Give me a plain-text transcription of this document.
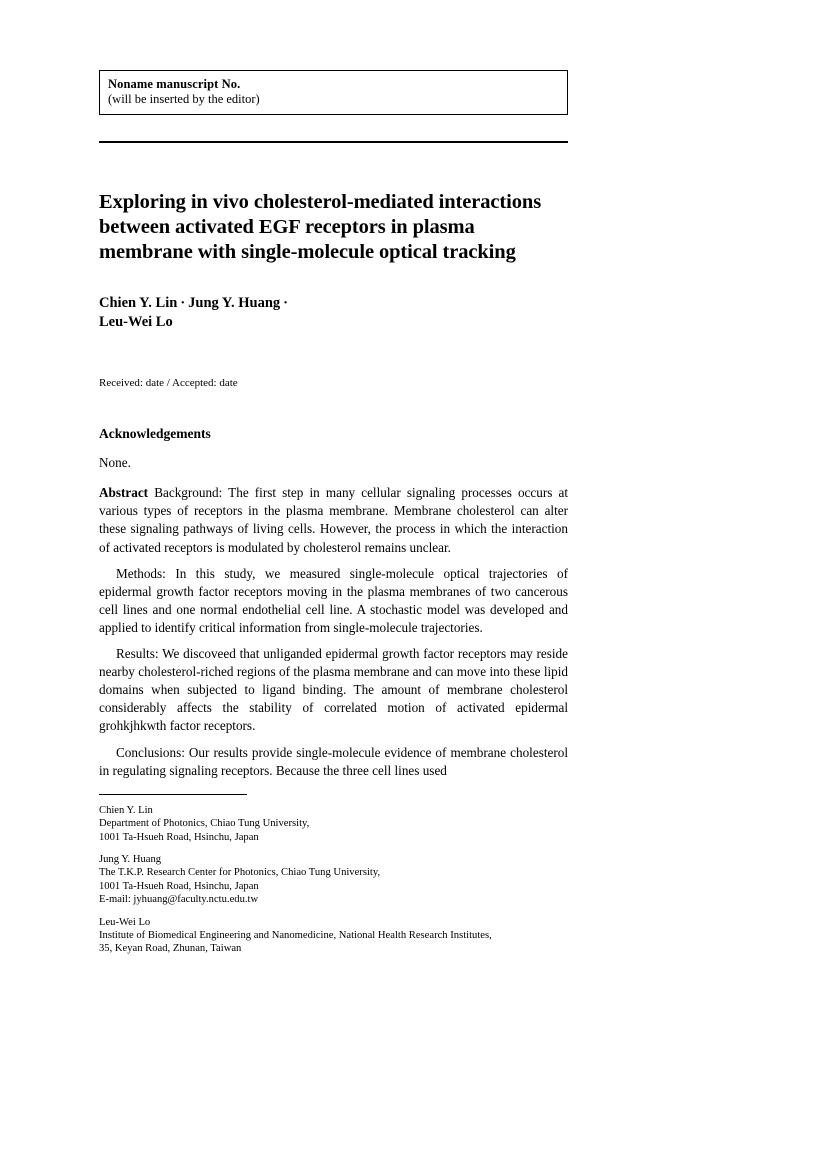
Noname manuscript No.
(will be inserted by the editor)
Exploring in vivo cholesterol-mediated interactions between activated EGF receptors in plasma membrane with single-molecule optical tracking
Chien Y. Lin · Jung Y. Huang ·
Leu-Wei Lo
Received: date / Accepted: date
Acknowledgements
None.
Abstract Background: The first step in many cellular signaling processes occurs at various types of receptors in the plasma membrane. Membrane cholesterol can alter these signaling pathways of living cells. However, the process in which the interaction of activated receptors is modulated by cholesterol remains unclear.
Methods: In this study, we measured single-molecule optical trajectories of epidermal growth factor receptors moving in the plasma membranes of two cancerous cell lines and one normal endothelial cell line. A stochastic model was developed and applied to identify critical information from single-molecule trajectories.
Results: We discoveed that unliganded epidermal growth factor receptors may reside nearby cholesterol-riched regions of the plasma membrane and can move into these lipid domains when subjected to ligand binding. The amount of membrane cholesterol considerably affects the stability of correlated motion of activated epidermal grohkjhkwth factor receptors.
Conclusions: Our results provide single-molecule evidence of membrane cholesterol in regulating signaling receptors. Because the three cell lines used
Chien Y. Lin
Department of Photonics, Chiao Tung University,
1001 Ta-Hsueh Road, Hsinchu, Japan
Jung Y. Huang
The T.K.P. Research Center for Photonics, Chiao Tung University,
1001 Ta-Hsueh Road, Hsinchu, Japan
E-mail: jyhuang@faculty.nctu.edu.tw
Leu-Wei Lo
Institute of Biomedical Engineering and Nanomedicine, National Health Research Institutes,
35, Keyan Road, Zhunan, Taiwan
